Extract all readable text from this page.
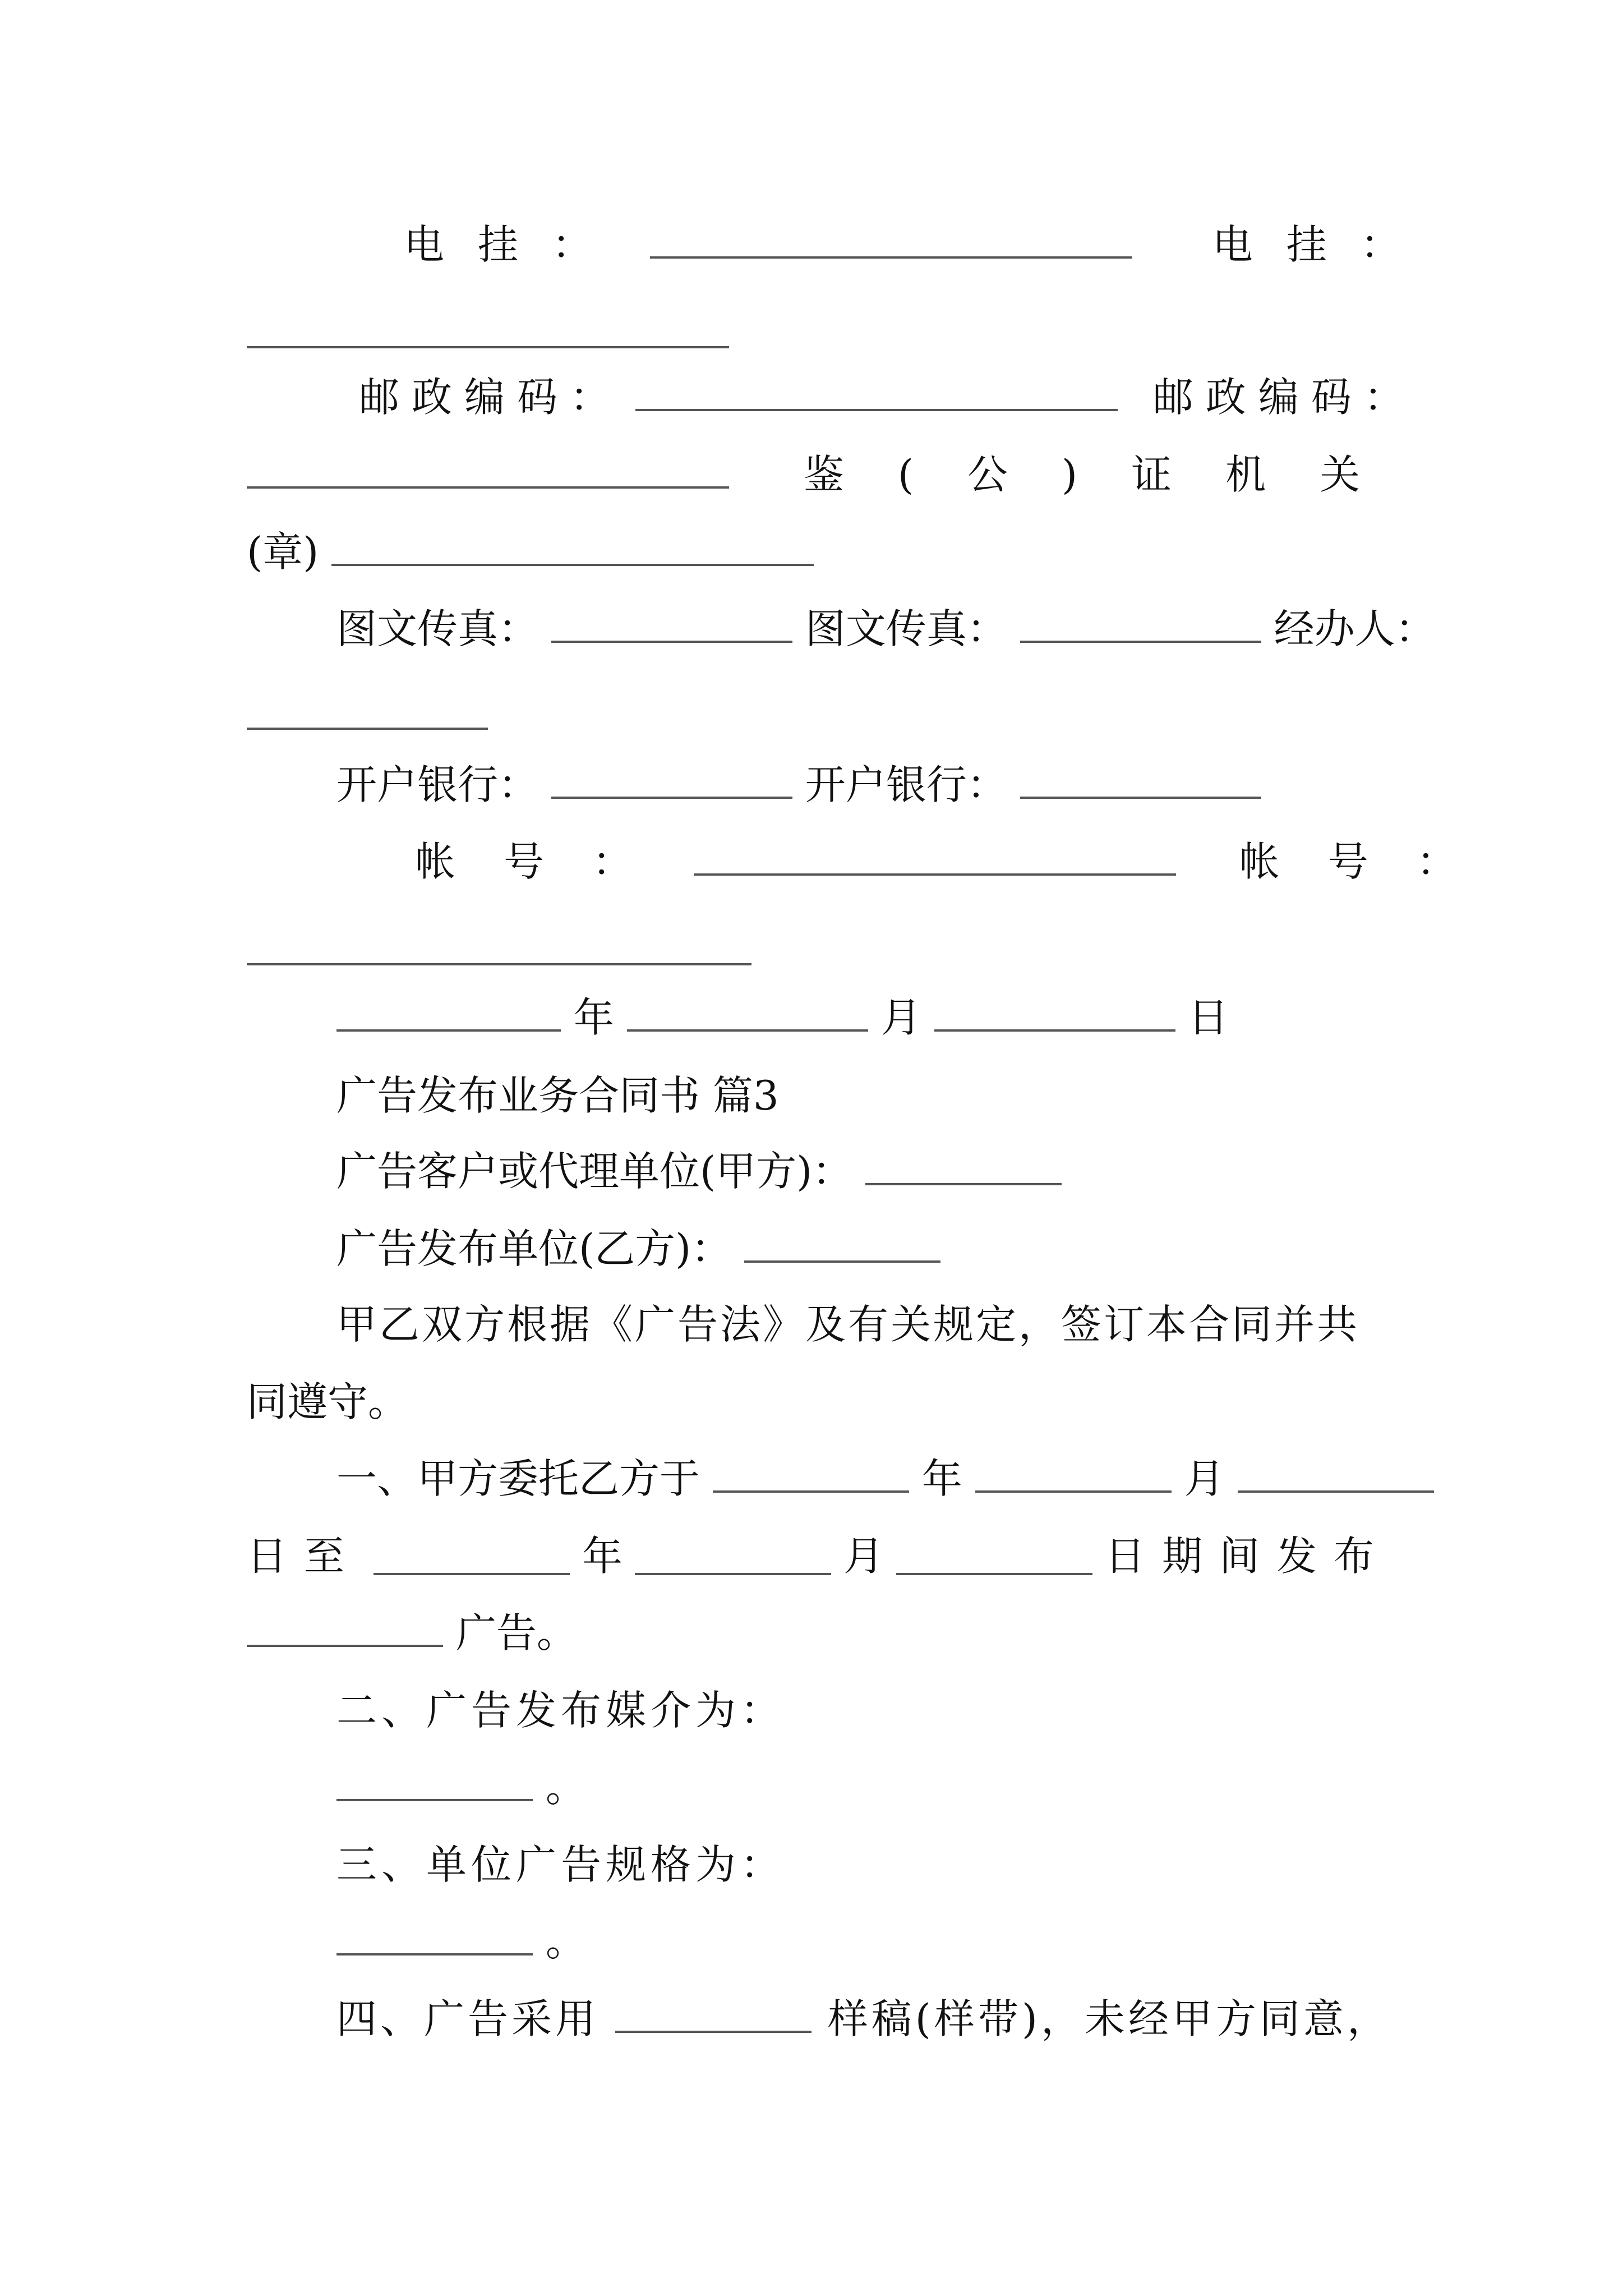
电挂：	电挂：
邮政编码：	邮政编码：
鉴(公)证机关
(章)
图文传真：	图文传真：	经办人：
开户银行：	开户银行：
帐号：	帐号：
年	月	日
广告发布业务合同书 篇3
广告客户或代理单位(甲方)：
广告发布单位(乙方)：
甲乙双方根据《广告法》及有关规定，签订本合同并共
同遵守。
一、甲方委托乙方于	年	月
日至	年	月	日期间发布
广告。
二、广告发布媒介为：
。
三、单位广告规格为：
。
四、广告采用	样稿(样带)，未经甲方同意，
